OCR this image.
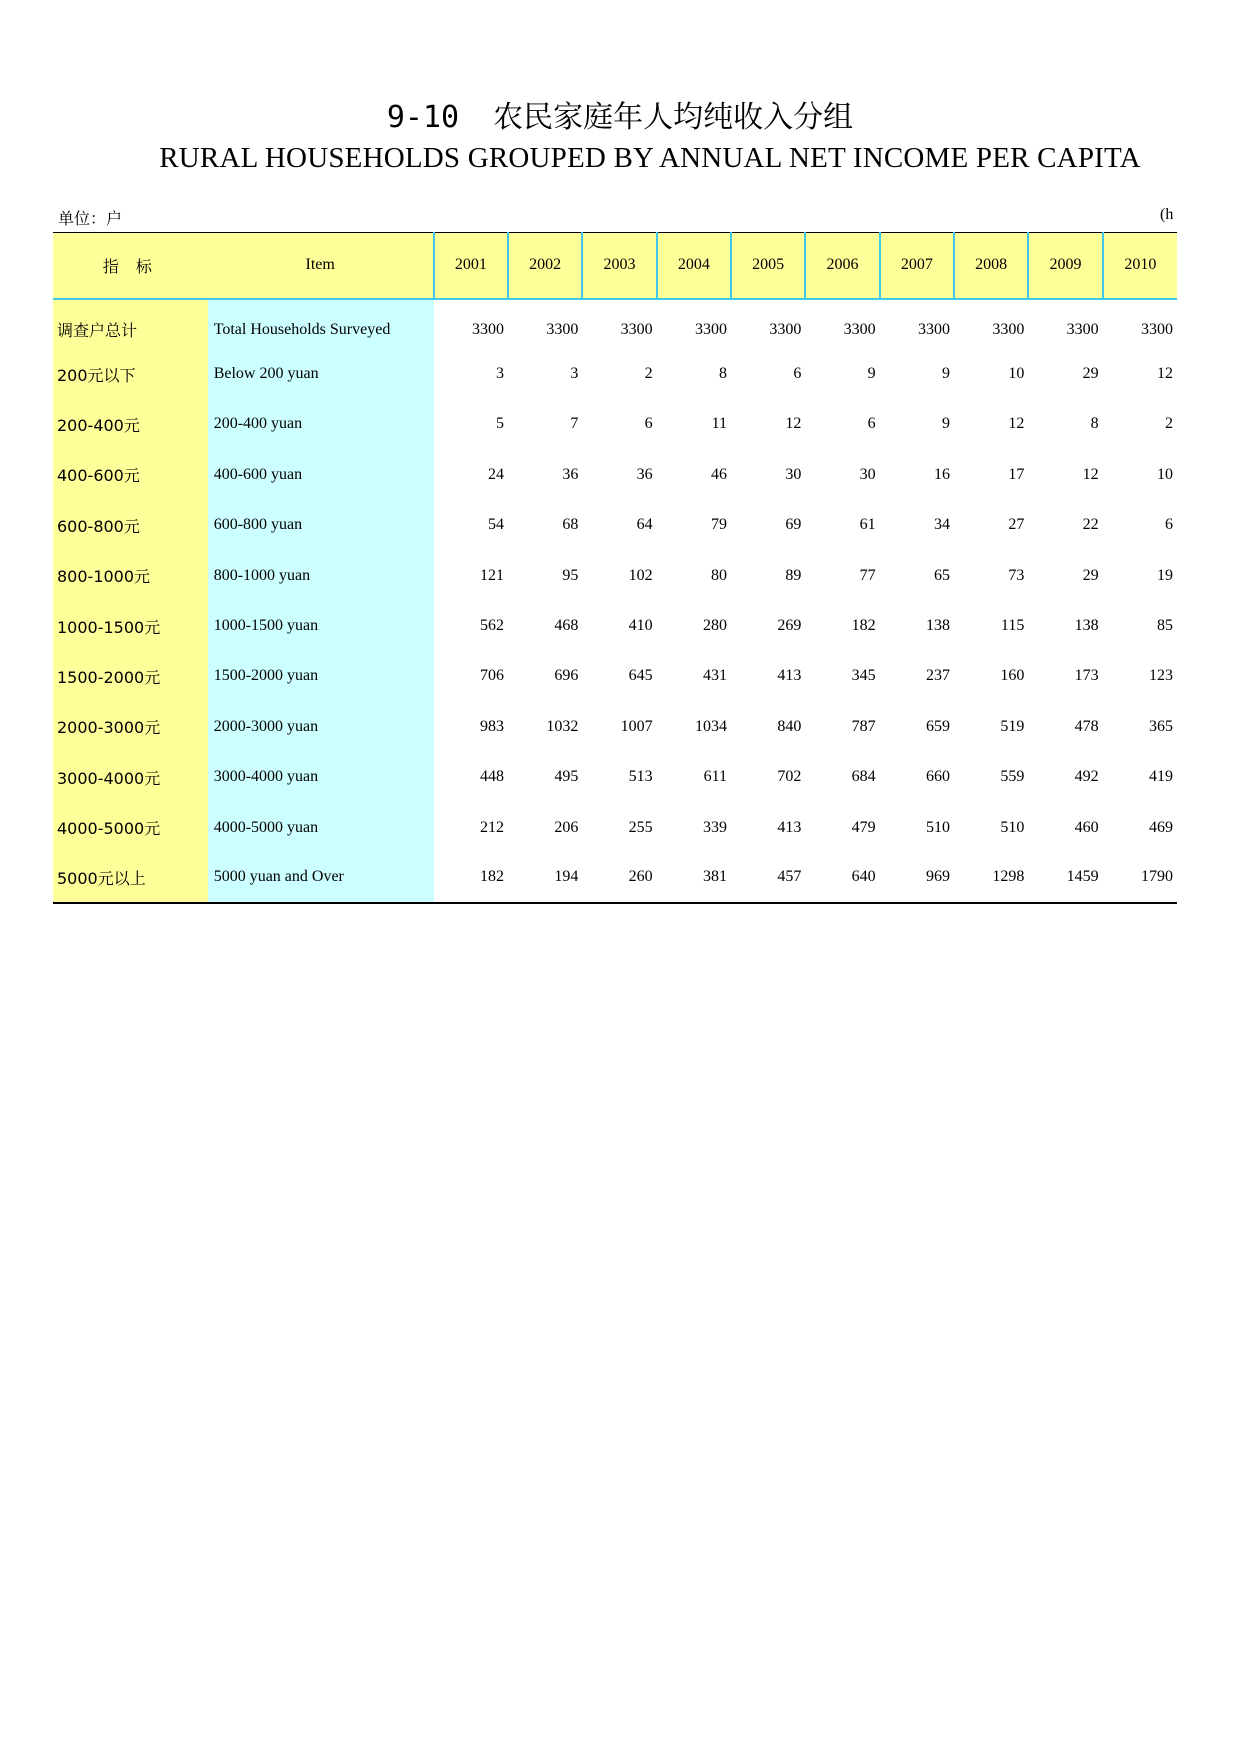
9-10 农民家庭年人均纯收入分组
RURAL HOUSEHOLDS GROUPED BY ANNUAL NET INCOME PER CAPITA
单位：户	(h
指 标	Item	2001	2002	2003	2004	2005	2006	2007	2008	2009	2010
调查户总计	Total Households Surveyed	3300	3300	3300	3300	3300	3300	3300	3300	3300	3300
200元以下	Below 200 yuan	3	3	2	8	6	9	9	10	29	12
200-400元	200-400 yuan	5	7	6	11	12	6	9	12	8	2
400-600元	400-600 yuan	24	36	36	46	30	30	16	17	12	10
600-800元	600-800 yuan	54	68	64	79	69	61	34	27	22	6
800-1000元	800-1000 yuan	121	95	102	80	89	77	65	73	29	19
1000-1500元	1000-1500 yuan	562	468	410	280	269	182	138	115	138	85
1500-2000元	1500-2000 yuan	706	696	645	431	413	345	237	160	173	123
2000-3000元	2000-3000 yuan	983	1032	1007	1034	840	787	659	519	478	365
3000-4000元	3000-4000 yuan	448	495	513	611	702	684	660	559	492	419
4000-5000元	4000-5000 yuan	212	206	255	339	413	479	510	510	460	469
5000元以上	5000 yuan and Over	182	194	260	381	457	640	969	1298	1459	1790
